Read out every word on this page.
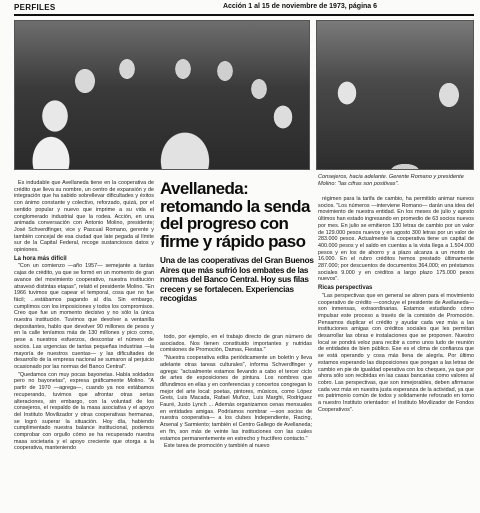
PERFILES	Acción 1 al 15 de noviembre de 1973, página 6
Consejeros, hacia adelante. Gerente Romano y presidente Molino: "las cifras son positivas".
Avellaneda: retomando la senda del progreso con firme y rápido paso
Una de las cooperativas del Gran Buenos Aires que más sufrió los embates de las normas del Banco Central. Hoy sus filas crecen y se fortalecen. Experiencias recogidas

Es indudable que Avellaneda tiene en la cooperativa de crédito que lleva su nombre, un centro de expansión y de integración que ha sabido sobrellevar dificultades y éxitos con ánimo constante y colectivo, reforzado, quizá, por el sentido popular y nuevo que imprime a su vida el conglomerado industrial que la rodea. Acción, en una animada conversación con Antonio Molino, presidente; José Schverdfinger, vice y Pascual Romano, gerente y también concejal de esa ciudad que late pegada al límite sur de la Capital Federal, recoge sustanciosos datos y opiniones.

La hora más difícil

"Con un comienzo —año 1957— semejante a tantas cajas de crédito, ya que se formó en un momento de gran avance del movimiento cooperativo, nuestra institución atravesó distintas etapas", relató el presidente Molino. "En 1966 tuvimos que capear el temporal, cosa que no fue fácil; ...estábamos pagando al día. Sin embargo, cumplimos con los imposiciones y todos los compromisos. Creo que fue un momento decisivo y no sólo la única nuestra institución. Tuvimos que devolver a ventanilla depositantes, hablo que devolver 90 millones de pesos y en la calle teníamos más de 130 millones y pico como, pese a nuestros esfuerzos, descontar el número de socios. Las urgencias de tantas pequeñas industrias —la mayoría de nuestros cuentas— y las dificultades de desarrollo de la empresa nacional se sumaron al perjuicio ocasionado por las normas del Banco Central".

"Quedamos con muy pocas bayonetas. Había soldados pero no bayonetas", expresa gráficamente Molino. "A partir de 1970 —agrega—, cuando ya nos estábamos recuperando, tuvimos que afrontar otras serias alteraciones, sin embargo, con la voluntad de los consejeros, el respaldo de la masa asociativa y el apoyo del Instituto Movilizador y otras cooperativas hermanas, se logró superar la situación. Hoy día, habiendo cumplimentado nuestra balance institucional, podemos comprobar con orgullo cómo se ha recuperado nuestra masa societaria y el apoyo creciente que otorga a la cooperativa, manteniendo

todo, por ejemplo, en el trabajo directo de gran número de asociados. Nos tienen constituido importantes y nutridas comisiones de Promoción, Damas, Fiestas."

"Nuestra cooperativa edita periódicamente un boletín y lleva adelante otras tareas culturales", informa Schverdfinger y agrega: "actualmente estamos llevando a cabo el tercer ciclo de artes de exposiciones de pintura. Los nombres que difundimos en ellas y en conferencias y concertos congregan lo mejor del arte local: poetas, pintores, músicos, como López Greis, Luis Macada, Rafael Muñoz, Luis Marghi, Rodríguez Fauré, Justo Lynch ... Además organizamos cenas mensuales en entidades amigas. Podríamos nombrar —son socios de nuestra cooperativa— a los clubes Independiente, Racing, Arsenal y Sarmiento; también el Centro Gallego de Avellaneda; en fin, son más de veinte las instituciones con las cuales estamos permanentemente en estrecho y fructífero contacto."

Este tarea de promoción y también al nuevo

régimen para la tarifa de cambio, ha permitido animar nuevos socios. "Los números —interviene Romano— darán una idea del movimiento de nuestra entidad. En los meses de julio y agosto últimos han estado ingresando en promedio de 63 socios nuevos por mes. En julio se emitieron 130 letras de cambio por un valor de 129.000 pesos nuevos y en agosto 300 letras por un valor de 283.000 pesos. Actualmente la cooperativa tiene un capital de 400.000 pesos y el saldo en cuentas a la vista llega a 1.504.000 pesos y en los de ahorro y a plazo alcanza a un monto de 16.000. En el rubro créditos hemos prestado últimamente 287.000; por descuentos de documentos 364.000; en préstamos sociales 9.000 y en créditos a largo plazo 175.000 pesos nuevos".

Ricas perspectivas

"Las perspectivas que en general se abren para el movimiento cooperativo de crédito —concluye el presidente de Avellaneda— son inmensas, extraordinarias. Estamos estudiando cómo impulsar este proceso a través de la comisión de Promoción. Pensamos duplicar el crédito y ayudar cada vez más a las instituciones amigas con créditos sociales que les permitan desarrollar las obras e instalaciones que se proponen. Nuestro local se pondrá veloz para recibir a como unos ludo de reunión de entidades de bien público. Ese es el clima de confianza que se está operando y cosa más llena de alegría. Por último estamos esperando las disposiciones que pongan a las letras de cambio en pie de igualdad operativa con los cheques, ya que por ahora sólo son recibidas en las casas bancarias como valores al cobro. Las perspectivas, que son inmejorables, deben afirmarse cada vez más en nuestra justa esperanza de la actividad, ya que es patrimonio común de todos y solidamente reforzado en torno a nuestro Instituto orientador: el Instituto Movilizador de Fondos Cooperativos".
